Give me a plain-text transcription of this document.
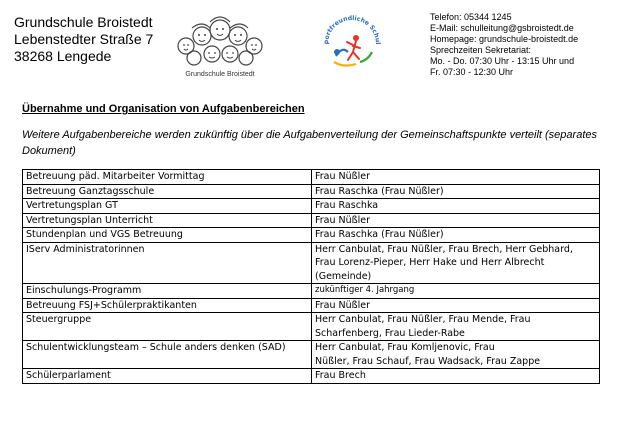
Grundschule Broistedt
Lebenstedter Straße 7
38268 Lengede
Grundschule Broistedt
portfreundliche Schul
Telefon: 05344 1245
E-Mail: schulleitung@gsbroistedt.de
Homepage: grundschule-broistedt.de
Sprechzeiten Sekretariat:
Mo. - Do. 07:30 Uhr - 13:15 Uhr und
Fr. 07:30 - 12:30 Uhr
Übernahme und Organisation von Aufgabenbereichen
Weitere Aufgabenbereiche werden zukünftig über die Aufgabenverteilung der Gemeinschaftspunkte verteilt (separates Dokument)
Betreuung päd. Mitarbeiter Vormittag	Frau Nüßler
Betreuung Ganztagsschule	Frau Raschka (Frau Nüßler)
Vertretungsplan GT	Frau Raschka
Vertretungsplan Unterricht	Frau Nüßler
Stundenplan und VGS Betreuung	Frau Raschka (Frau Nüßler)
IServ Administratorinnen	Herr Canbulat, Frau Nüßler, Frau Brech, Herr Gebhard,
Frau Lorenz-Pieper, Herr Hake und Herr Albrecht
(Gemeinde)

Einschulungs-Programm	zukünftiger 4. Jahrgang
Betreuung FSJ+Schülerpraktikanten	Frau Nüßler
Steuergruppe	Herr Canbulat, Frau Nüßler, Frau Mende, Frau
Scharfenberg, Frau Lieder-Rabe

Schulentwicklungsteam – Schule anders denken (SAD)	Herr Canbulat, Frau Komljenovic, Frau
Nüßler, Frau Schauf, Frau Wadsack, Frau Zappe

Schülerparlament	Frau Brech
